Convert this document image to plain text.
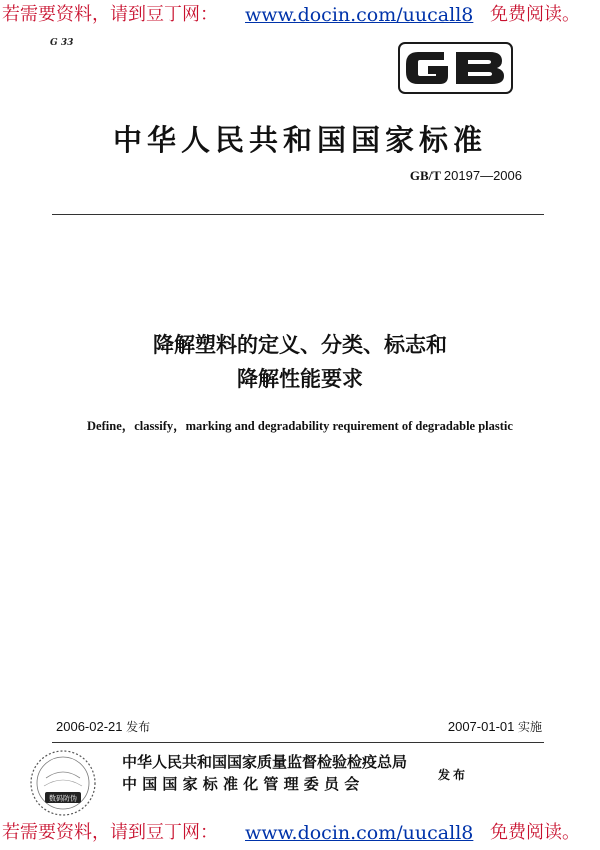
若需要资料，请到豆丁网： www.docin.com/uucall8 免费阅读。
G 33
中华人民共和国国家标准
GB/T 20197—2006
降解塑料的定义、分类、标志和
降解性能要求
Define，classify，marking and degradability requirement of degradable plastic
2006-02-21 发布	2007-01-01 实施
数码防伪
中华人民共和国国家质量监督检验检疫总局
中国国家标准化管理委员会	发布
若需要资料，请到豆丁网： www.docin.com/uucall8 免费阅读。
